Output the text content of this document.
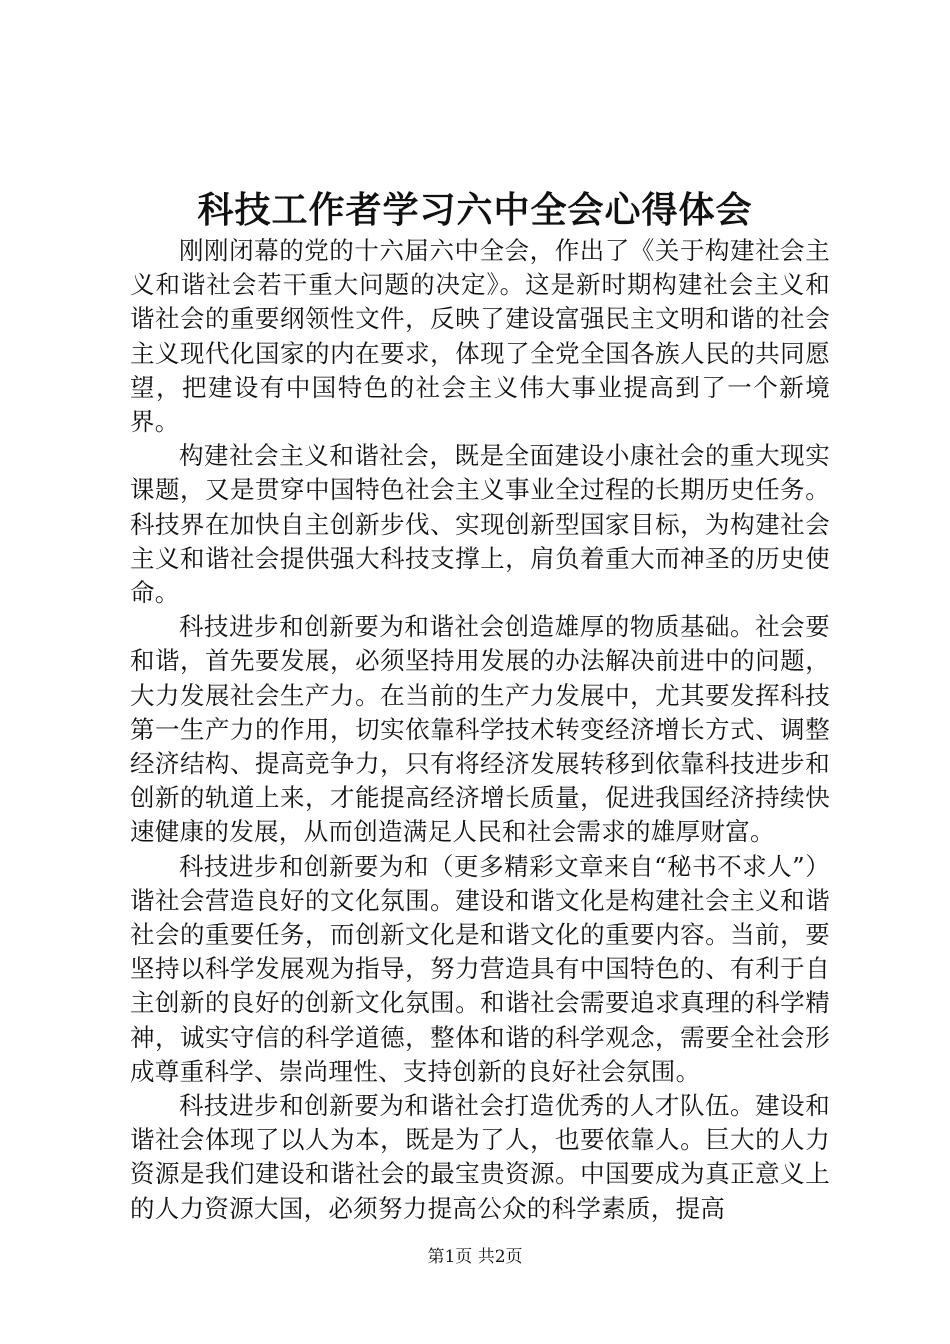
科技工作者学习六中全会心得体会

刚刚闭幕的党的十六届六中全会，作出了《关于构建社会主义和谐社会若干重大问题的决定》。这是新时期构建社会主义和谐社会的重要纲领性文件，反映了建设富强民主文明和谐的社会主义现代化国家的内在要求，体现了全党全国各族人民的共同愿望，把建设有中国特色的社会主义伟大事业提高到了一个新境界。

构建社会主义和谐社会，既是全面建设小康社会的重大现实课题，又是贯穿中国特色社会主义事业全过程的长期历史任务。科技界在加快自主创新步伐、实现创新型国家目标，为构建社会主义和谐社会提供强大科技支撑上，肩负着重大而神圣的历史使命。

科技进步和创新要为和谐社会创造雄厚的物质基础。社会要和谐，首先要发展，必须坚持用发展的办法解决前进中的问题，大力发展社会生产力。在当前的生产力发展中，尤其要发挥科技第一生产力的作用，切实依靠科学技术转变经济增长方式、调整经济结构、提高竞争力，只有将经济发展转移到依靠科技进步和创新的轨道上来，才能提高经济增长质量，促进我国经济持续快速健康的发展，从而创造满足人民和社会需求的雄厚财富。

科技进步和创新要为和（更多精彩文章来自“秘书不求人”）谐社会营造良好的文化氛围。建设和谐文化是构建社会主义和谐社会的重要任务，而创新文化是和谐文化的重要内容。当前，要坚持以科学发展观为指导，努力营造具有中国特色的、有利于自主创新的良好的创新文化氛围。和谐社会需要追求真理的科学精神，诚实守信的科学道德，整体和谐的科学观念，需要全社会形成尊重科学、崇尚理性、支持创新的良好社会氛围。

科技进步和创新要为和谐社会打造优秀的人才队伍。建设和谐社会体现了以人为本，既是为了人，也要依靠人。巨大的人力资源是我们建设和谐社会的最宝贵资源。中国要成为真正意义上的人力资源大国，必须努力提高公众的科学素质，提高

第1页 共2页
